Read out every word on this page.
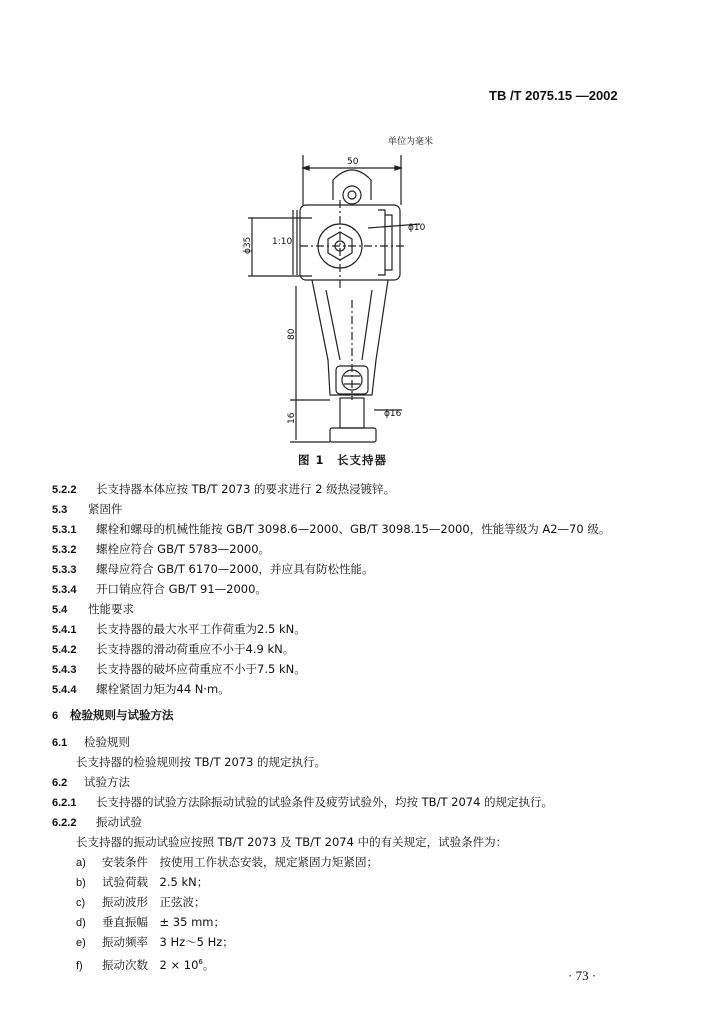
TB /T 2075.15 —2002
单位为毫米
50
ϕ10
ϕ35 1:10
80
16	ϕ16
图 1　长支持器
5.2.2 长支持器本体应按 TB/T 2073 的要求进行 2 级热浸镀锌。
5.3 紧固件
5.3.1 螺栓和螺母的机械性能按 GB/T 3098.6—2000、GB/T 3098.15—2000，性能等级为 A2—70 级。
5.3.2 螺栓应符合 GB/T 5783—2000。
5.3.3 螺母应符合 GB/T 6170—2000，并应具有防松性能。
5.3.4 开口销应符合 GB/T 91—2000。
5.4 性能要求
5.4.1 长支持器的最大水平工作荷重为2.5 kN。
5.4.2 长支持器的滑动荷重应不小于4.9 kN。
5.4.3 长支持器的破坏应荷重应不小于7.5 kN。
5.4.4 螺栓紧固力矩为44 N·m。
6 检验规则与试验方法
6.1 检验规则
长支持器的检验规则按 TB/T 2073 的规定执行。
6.2 试验方法
6.2.1 长支持器的试验方法除振动试验的试验条件及疲劳试验外，均按 TB/T 2074 的规定执行。
6.2.2 振动试验
长支持器的振动试验应按照 TB/T 2073 及 TB/T 2074 中的有关规定，试验条件为：
a) 安装条件　按使用工作状态安装，规定紧固力矩紧固；
b) 试验荷载　2.5 kN；
c) 振动波形　正弦波；
d) 垂直振幅　± 35 mm；
e) 振动频率　3 Hz～5 Hz；
f) 振动次数　$2 \times 10^6$。
· 73 ·
